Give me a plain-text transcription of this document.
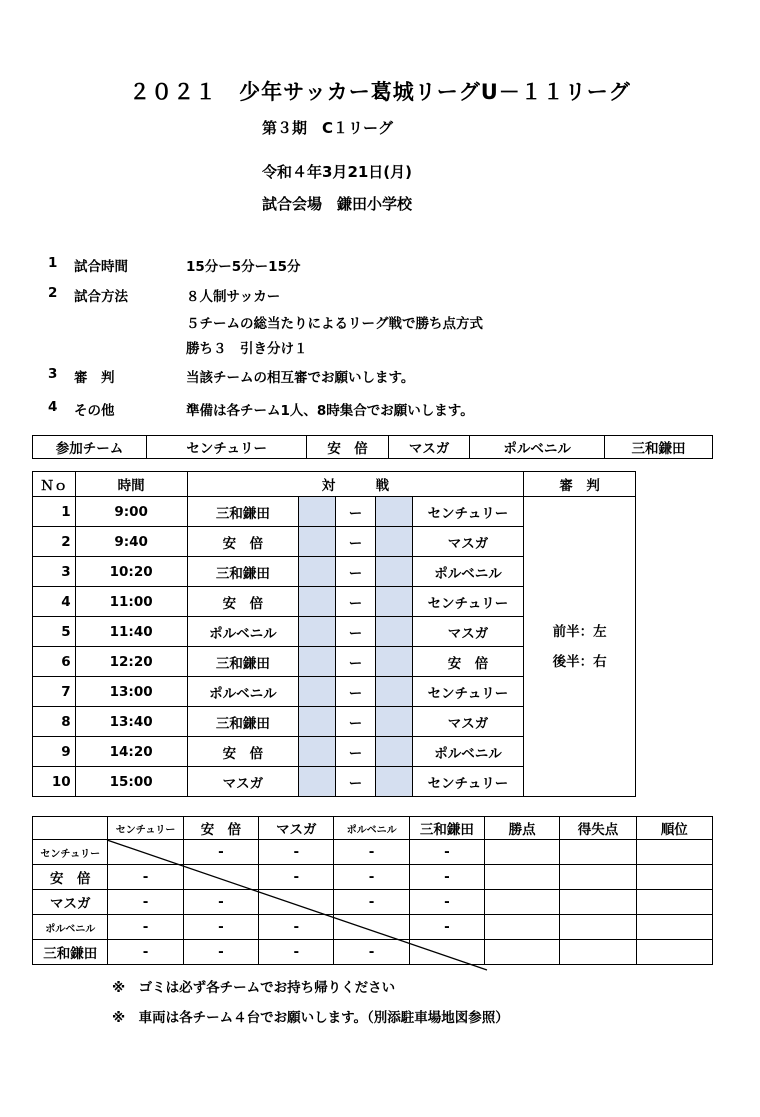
２０２１　少年サッカー葛城リーグU－１１リーグ
第３期　C１リーグ
令和４年3月21日(月)
試合会場　鎌田小学校
1 試合時間	15分ー5分ー15分
2 試合方法	８人制サッカー
５チームの総当たりによるリーグ戦で勝ち点方式
勝ち３　引き分け１
3 審　判	当該チームの相互審でお願いします。
4 その他	準備は各チーム1人、8時集合でお願いします。
参加チーム	センチュリー	安　倍	マスガ	ポルベニル	三和鎌田
Ｎｏ	時間	対　　　戦					審　判
1	9:00	三和鎌田		ー		センチュリー	前半：左
後半：右

2	9:40	安　倍		ー		マスガ	
3	10:20	三和鎌田		ー		ポルベニル	
4	11:00	安　倍		ー		センチュリー	
5	11:40	ポルベニル		ー		マスガ	
6	12:20	三和鎌田		ー		安　倍	
7	13:00	ポルベニル		ー		センチュリー	
8	13:40	三和鎌田		ー		マスガ	
9	14:20	安　倍		ー		ポルベニル	
10	15:00	マスガ		ー		センチュリー	
	センチュリー	安　倍	マスガ	ポルベニル	三和鎌田	勝点	得失点	順位
センチュリー		-	-	-	-			
安　倍	-		-	-	-			
マスガ	-	-		-	-			
ポルベニル	-	-	-		-			
三和鎌田	-	-	-	-				
※　ゴミは必ず各チームでお持ち帰りください
※　車両は各チーム４台でお願いします。（別添駐車場地図参照）
